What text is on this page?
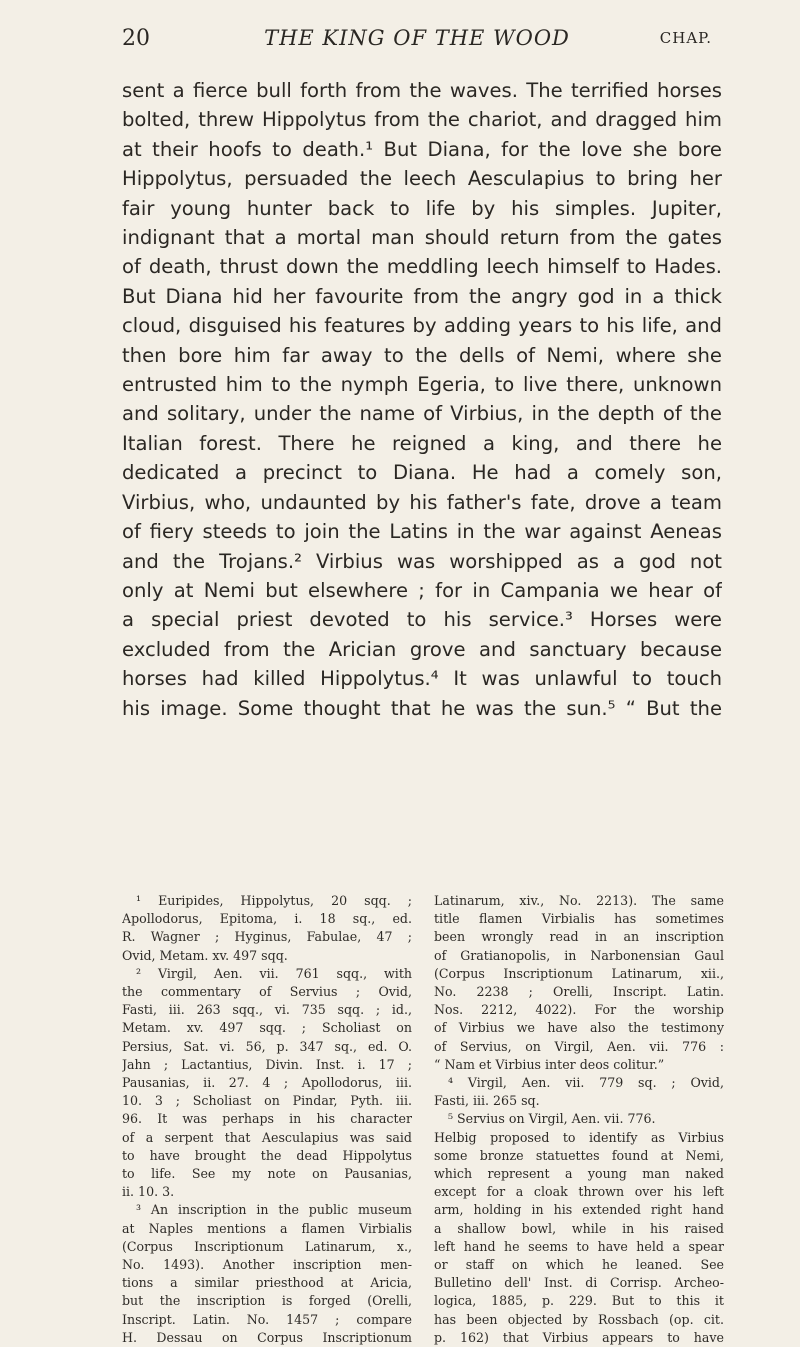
20	THE KING OF THE WOOD	CHAP.
sent a fierce bull forth from the waves. The terrified horses
bolted, threw Hippolytus from the chariot, and dragged him
at their hoofs to death.¹ But Diana, for the love she bore
Hippolytus, persuaded the leech Aesculapius to bring her
fair young hunter back to life by his simples. Jupiter,
indignant that a mortal man should return from the gates
of death, thrust down the meddling leech himself to Hades.
But Diana hid her favourite from the angry god in a thick
cloud, disguised his features by adding years to his life, and
then bore him far away to the dells of Nemi, where she
entrusted him to the nymph Egeria, to live there, unknown
and solitary, under the name of Virbius, in the depth of the
Italian forest. There he reigned a king, and there he
dedicated a precinct to Diana. He had a comely son,
Virbius, who, undaunted by his father's fate, drove a team
of fiery steeds to join the Latins in the war against Aeneas
and the Trojans.² Virbius was worshipped as a god not
only at Nemi but elsewhere ; for in Campania we hear of
a special priest devoted to his service.³ Horses were
excluded from the Arician grove and sanctuary because
horses had killed Hippolytus.⁴ It was unlawful to touch
his image. Some thought that he was the sun.⁵ “ But the
¹ Euripides, Hippolytus, 20 sqq. ;
Apollodorus, Epitoma, i. 18 sq., ed.
R. Wagner ; Hyginus, Fabulae, 47 ;
Ovid, Metam. xv. 497 sqq.
² Virgil, Aen. vii. 761 sqq., with
the commentary of Servius ; Ovid,
Fasti, iii. 263 sqq., vi. 735 sqq. ; id.,
Metam. xv. 497 sqq. ; Scholiast on
Persius, Sat. vi. 56, p. 347 sq., ed. O.
Jahn ; Lactantius, Divin. Inst. i. 17 ;
Pausanias, ii. 27. 4 ; Apollodorus, iii.
10. 3 ; Scholiast on Pindar, Pyth. iii.
96. It was perhaps in his character
of a serpent that Aesculapius was said
to have brought the dead Hippolytus
to life. See my note on Pausanias,
ii. 10. 3.
³ An inscription in the public museum
at Naples mentions a flamen Virbialis
(Corpus Inscriptionum Latinarum, x.,
No. 1493). Another inscription men-
tions a similar priesthood at Aricia,
but the inscription is forged (Orelli,
Inscript. Latin. No. 1457 ; compare
H. Dessau on Corpus Inscriptionum
Latinarum, xiv., No. 2213). The same
title flamen Virbialis has sometimes
been wrongly read in an inscription
of Gratianopolis, in Narbonensian Gaul
(Corpus Inscriptionum Latinarum, xii.,
No. 2238 ; Orelli, Inscript. Latin.
Nos. 2212, 4022). For the worship
of Virbius we have also the testimony
of Servius, on Virgil, Aen. vii. 776 :
“ Nam et Virbius inter deos colitur.”
⁴ Virgil, Aen. vii. 779 sq. ; Ovid,
Fasti, iii. 265 sq.
⁵ Servius on Virgil, Aen. vii. 776.
Helbig proposed to identify as Virbius
some bronze statuettes found at Nemi,
which represent a young man naked
except for a cloak thrown over his left
arm, holding in his extended right hand
a shallow bowl, while in his raised
left hand he seems to have held a spear
or staff on which he leaned. See
Bulletino dell' Inst. di Corrisp. Archeo-
logica, 1885, p. 229. But to this it
has been objected by Rossbach (op. cit.
p. 162) that Virbius appears to have
